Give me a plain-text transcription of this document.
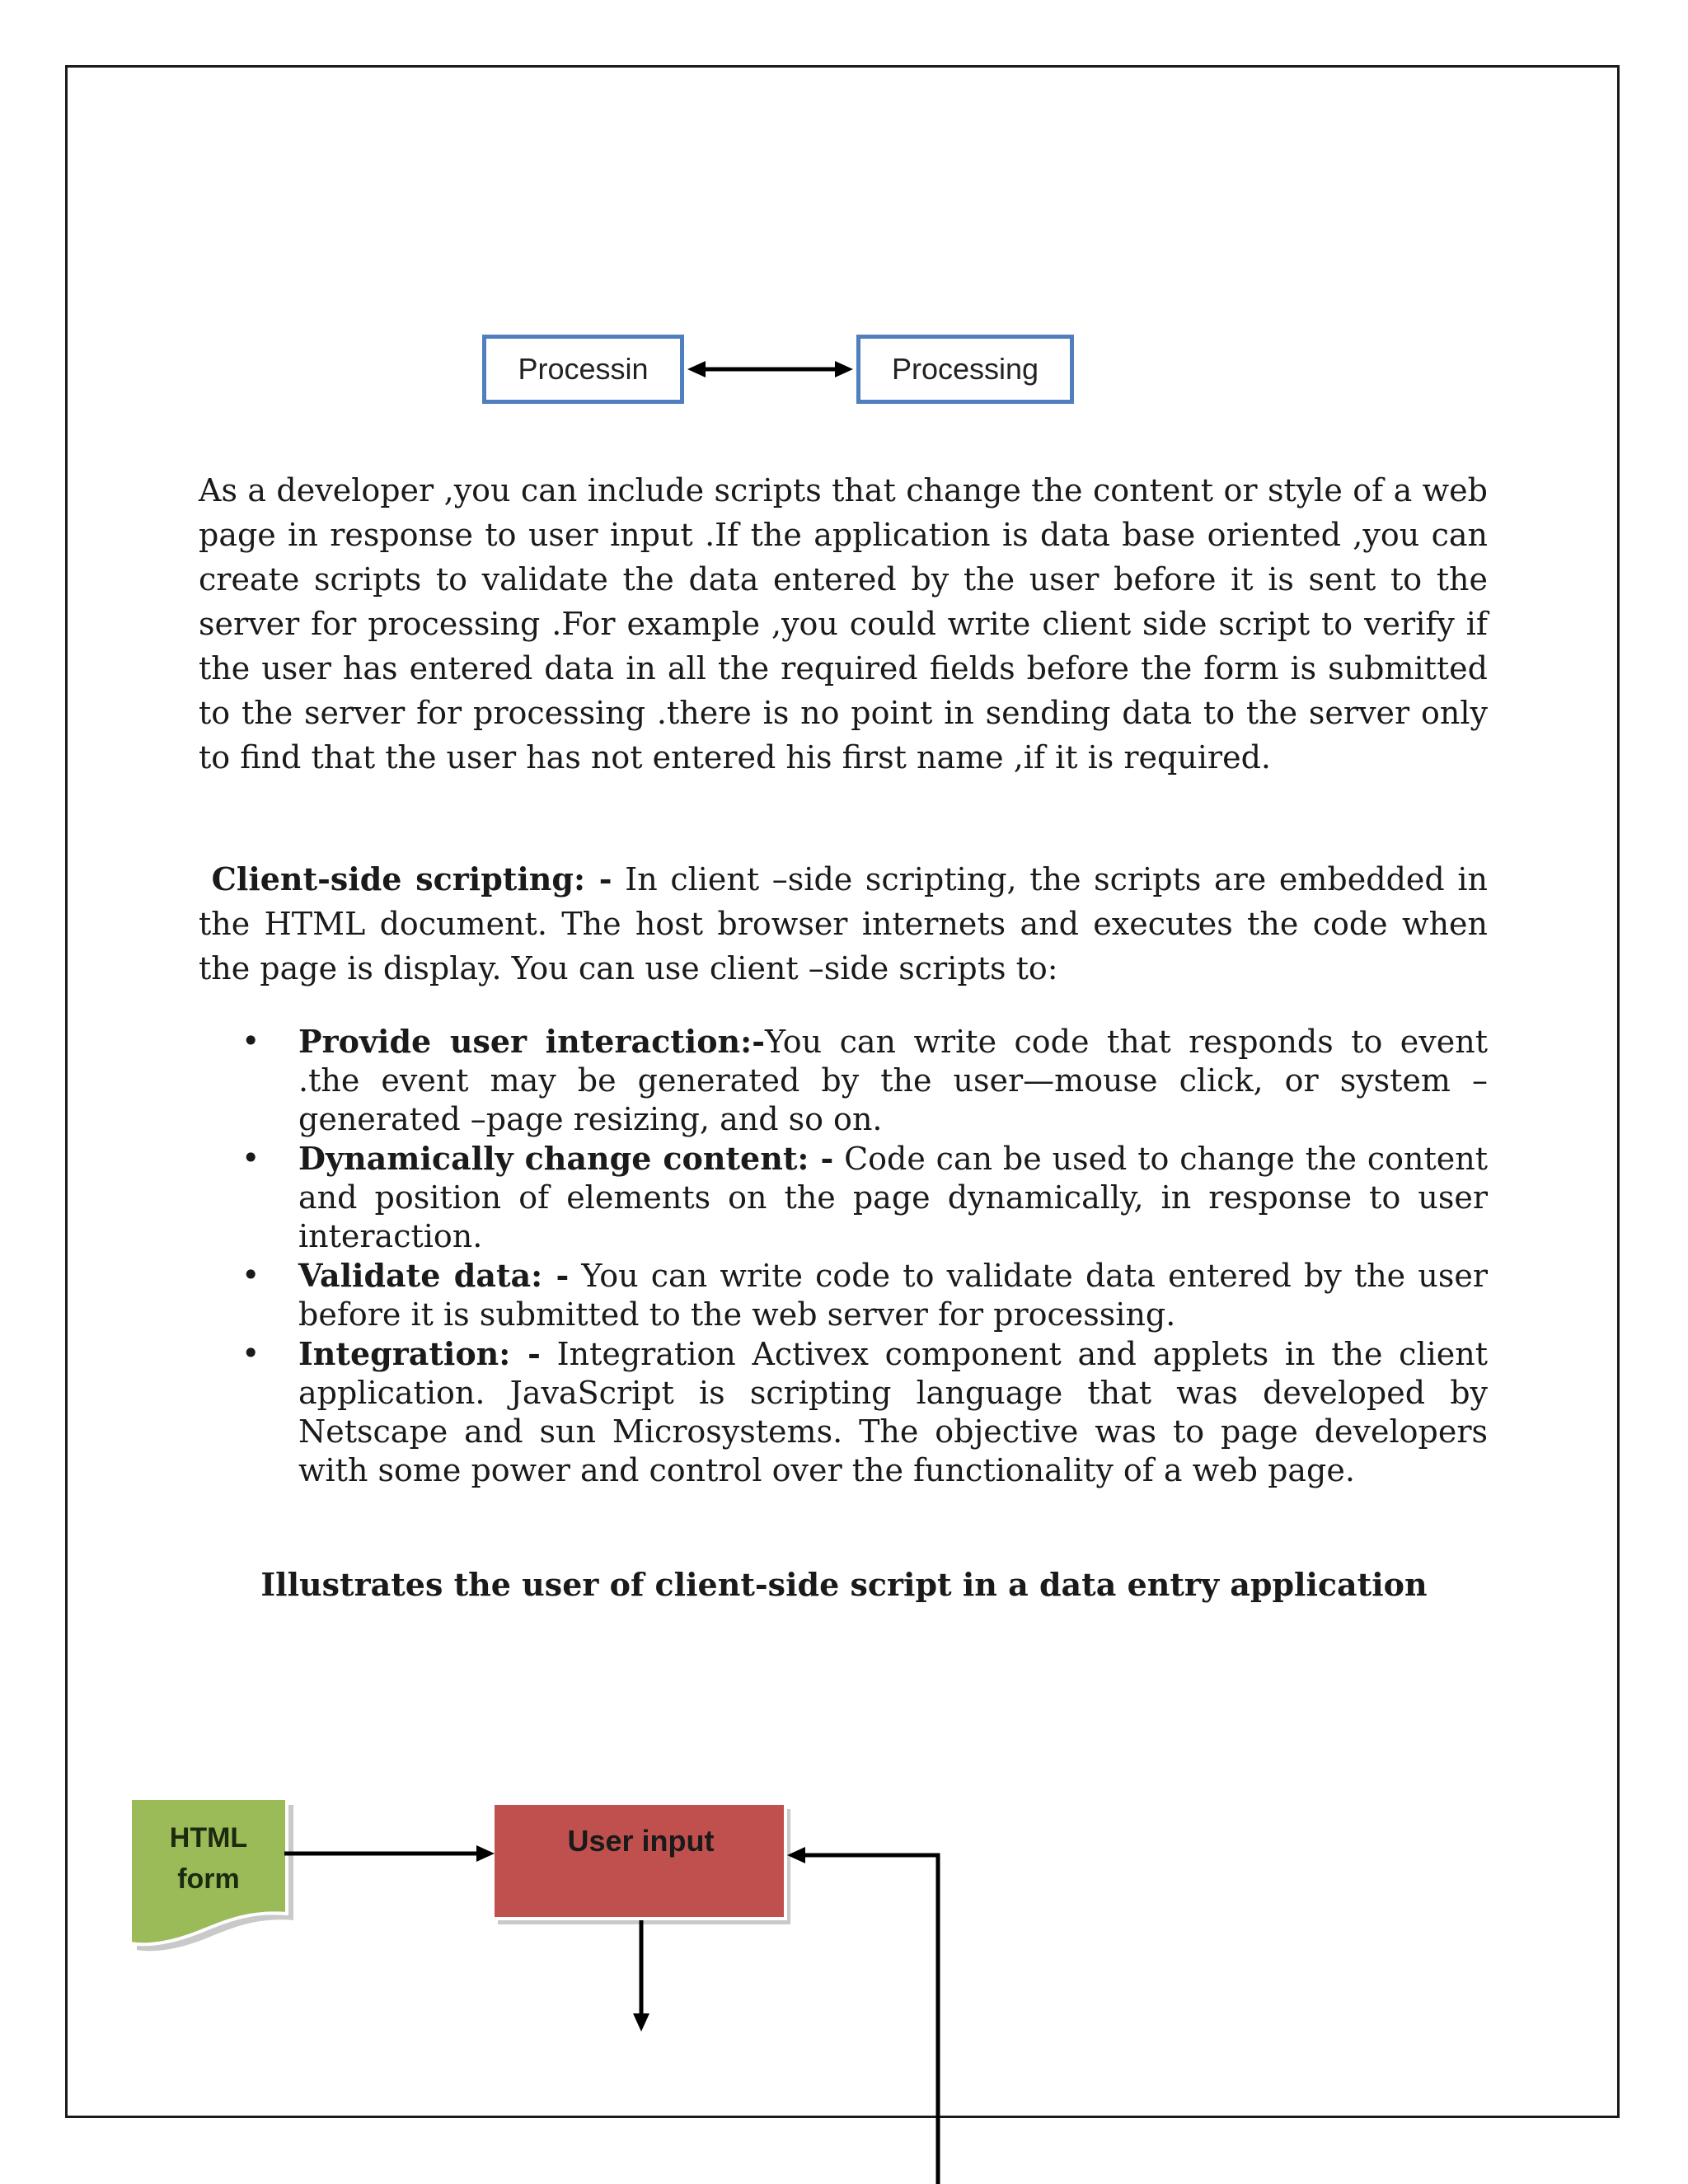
Processin	Processing
HTML
form
User input
As a developer ,you can include scripts that change the content or style of a web page in response to user input .If the application is data base oriented ,you can create scripts to validate the data entered by the user before it is sent to the server for processing .For example ,you could write client side script to verify if the user has entered data in all the required fields before the form is submitted to the server for processing .there is no point in sending data to the server only to find that the user has not entered his first name ,if it is required.
Client-side scripting: - In client –side scripting, the scripts are embedded in the HTML document. The host browser internets and executes the code when the page is display. You can use client –side scripts to:
• Provide user interaction:-You can write code that responds to event .the event may be generated by the user—mouse click, or system –generated –page resizing, and so on.
• Dynamically change content: - Code can be used to change the content and position of elements on the page dynamically, in response to user interaction.
• Validate data: - You can write code to validate data entered by the user before it is submitted to the web server for processing.
• Integration: - Integration Activex component and applets in the client application. JavaScript is scripting language that was developed by Netscape and sun Microsystems. The objective was to page developers with some power and control over the functionality of a web page.
Illustrates the user of client-side script in a data entry application
